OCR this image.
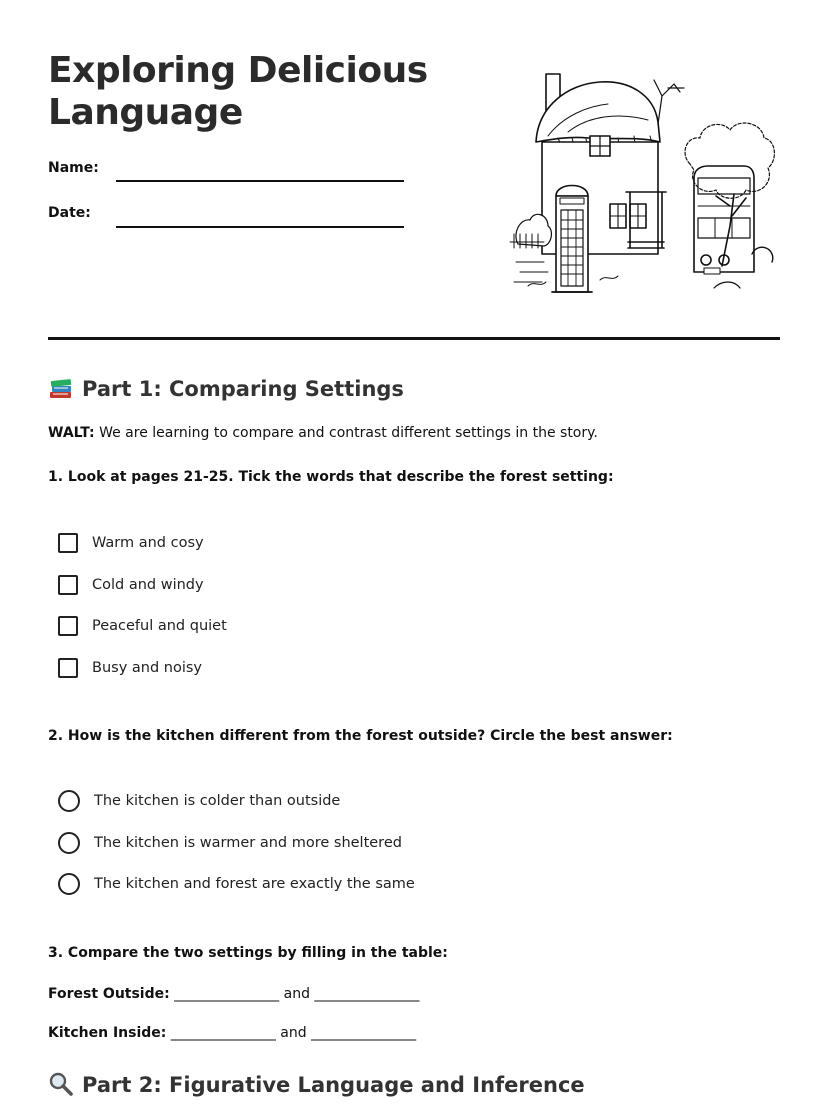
Exploring Delicious
Language
Name:
Date:
Part 1: Comparing Settings
WALT: We are learning to compare and contrast different settings in the story.
1. Look at pages 21-25. Tick the words that describe the forest setting:
Warm and cosy
Cold and windy
Peaceful and quiet
Busy and noisy
2. How is the kitchen different from the forest outside? Circle the best answer:
The kitchen is colder than outside
The kitchen is warmer and more sheltered
The kitchen and forest are exactly the same
3. Compare the two settings by filling in the table:
Forest Outside: _______________ and _______________
Kitchen Inside: _______________ and _______________
Part 2: Figurative Language and Inference
